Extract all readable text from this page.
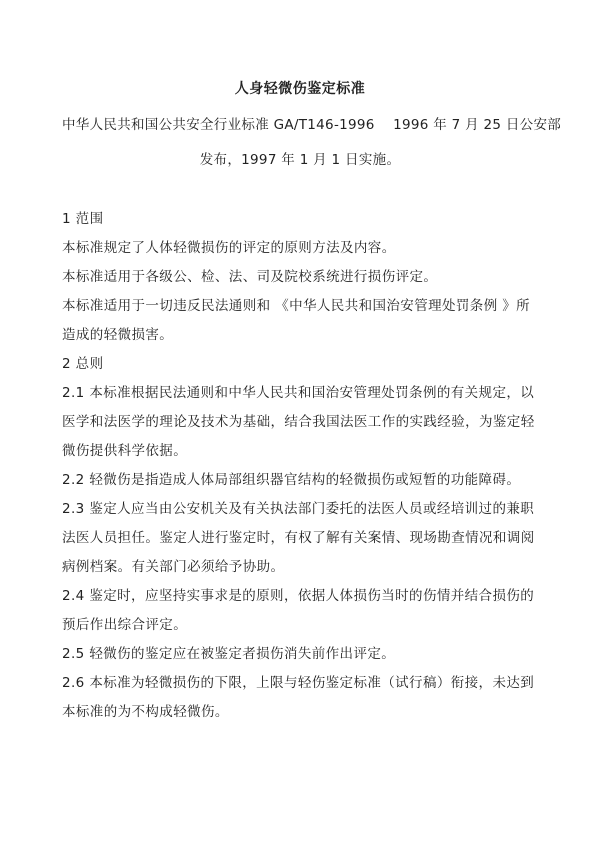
人身轻微伤鉴定标准
中华人民共和国公共安全行业标准 GA/T146-1996　 1996 年 7 月 25 日公安部
发布，1997 年 1 月 1 日实施。

1 范围

本标准规定了人体轻微损伤的评定的原则方法及内容。

本标准适用于各级公、检、法、司及院校系统进行损伤评定。

本标准适用于一切违反民法通则和 《中华人民共和国治安管理处罚条例 》所造成的轻微损害。

2 总则

2.1 本标准根据民法通则和中华人民共和国治安管理处罚条例的有关规定，以医学和法医学的理论及技术为基础，结合我国法医工作的实践经验，为鉴定轻微伤提供科学依据。

2.2 轻微伤是指造成人体局部组织器官结构的轻微损伤或短暂的功能障碍。

2.3 鉴定人应当由公安机关及有关执法部门委托的法医人员或经培训过的兼职法医人员担任。鉴定人进行鉴定时，有权了解有关案情、现场勘查情况和调阅病例档案。有关部门必须给予协助。

2.4 鉴定时，应坚持实事求是的原则，依据人体损伤当时的伤情并结合损伤的预后作出综合评定。

2.5 轻微伤的鉴定应在被鉴定者损伤消失前作出评定。

2.6 本标准为轻微损伤的下限，上限与轻伤鉴定标准（试行稿）衔接，未达到本标准的为不构成轻微伤。
